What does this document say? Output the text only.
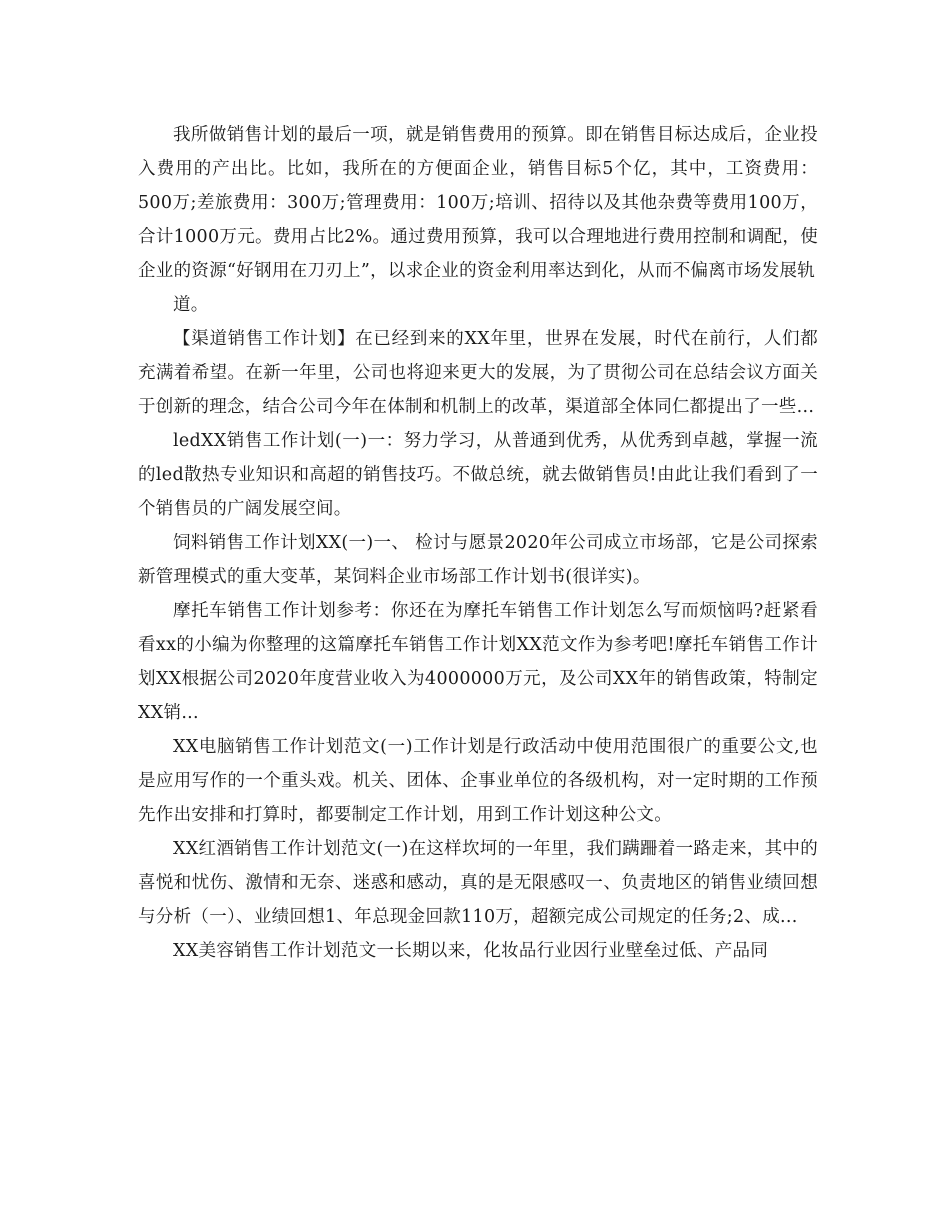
我所做销售计划的最后一项，就是销售费用的预算。即在销售目标达成后，企业投入费用的产出比。比如，我所在的方便面企业，销售目标5个亿，其中，工资费用：500万;差旅费用：300万;管理费用：100万;培训、招待以及其他杂费等费用100万，合计1000万元。费用占比2%。通过费用预算，我可以合理地进行费用控制和调配，使企业的资源“好钢用在刀刃上”，以求企业的资金利用率达到化，从而不偏离市场发展轨

道。

【渠道销售工作计划】在已经到来的XX年里，世界在发展，时代在前行，人们都充满着希望。在新一年里，公司也将迎来更大的发展，为了贯彻公司在总结会议方面关于创新的理念，结合公司今年在体制和机制上的改革，渠道部全体同仁都提出了一些...

ledXX销售工作计划(一)一：努力学习，从普通到优秀，从优秀到卓越，掌握一流的led散热专业知识和高超的销售技巧。不做总统，就去做销售员!由此让我们看到了一个销售员的广阔发展空间。

饲料销售工作计划XX(一)一、 检讨与愿景2020年公司成立市场部，它是公司探索新管理模式的重大变革，某饲料企业市场部工作计划书(很详实)。

摩托车销售工作计划参考：你还在为摩托车销售工作计划怎么写而烦恼吗?赶紧看看xx的小编为你整理的这篇摩托车销售工作计划XX范文作为参考吧!摩托车销售工作计划XX根据公司2020年度营业收入为4000000万元，及公司XX年的销售政策，特制定XX销...

XX电脑销售工作计划范文(一)工作计划是行政活动中使用范围很广的重要公文,也是应用写作的一个重头戏。机关、团体、企事业单位的各级机构，对一定时期的工作预先作出安排和打算时，都要制定工作计划，用到工作计划这种公文。

XX红酒销售工作计划范文(一)在这样坎坷的一年里，我们蹒跚着一路走来，其中的喜悦和忧伤、激情和无奈、迷惑和感动，真的是无限感叹一、负责地区的销售业绩回想与分析（一）、业绩回想1、年总现金回款110万，超额完成公司规定的任务;2、成...

XX美容销售工作计划范文一长期以来，化妆品行业因行业壁垒过低、产品同
